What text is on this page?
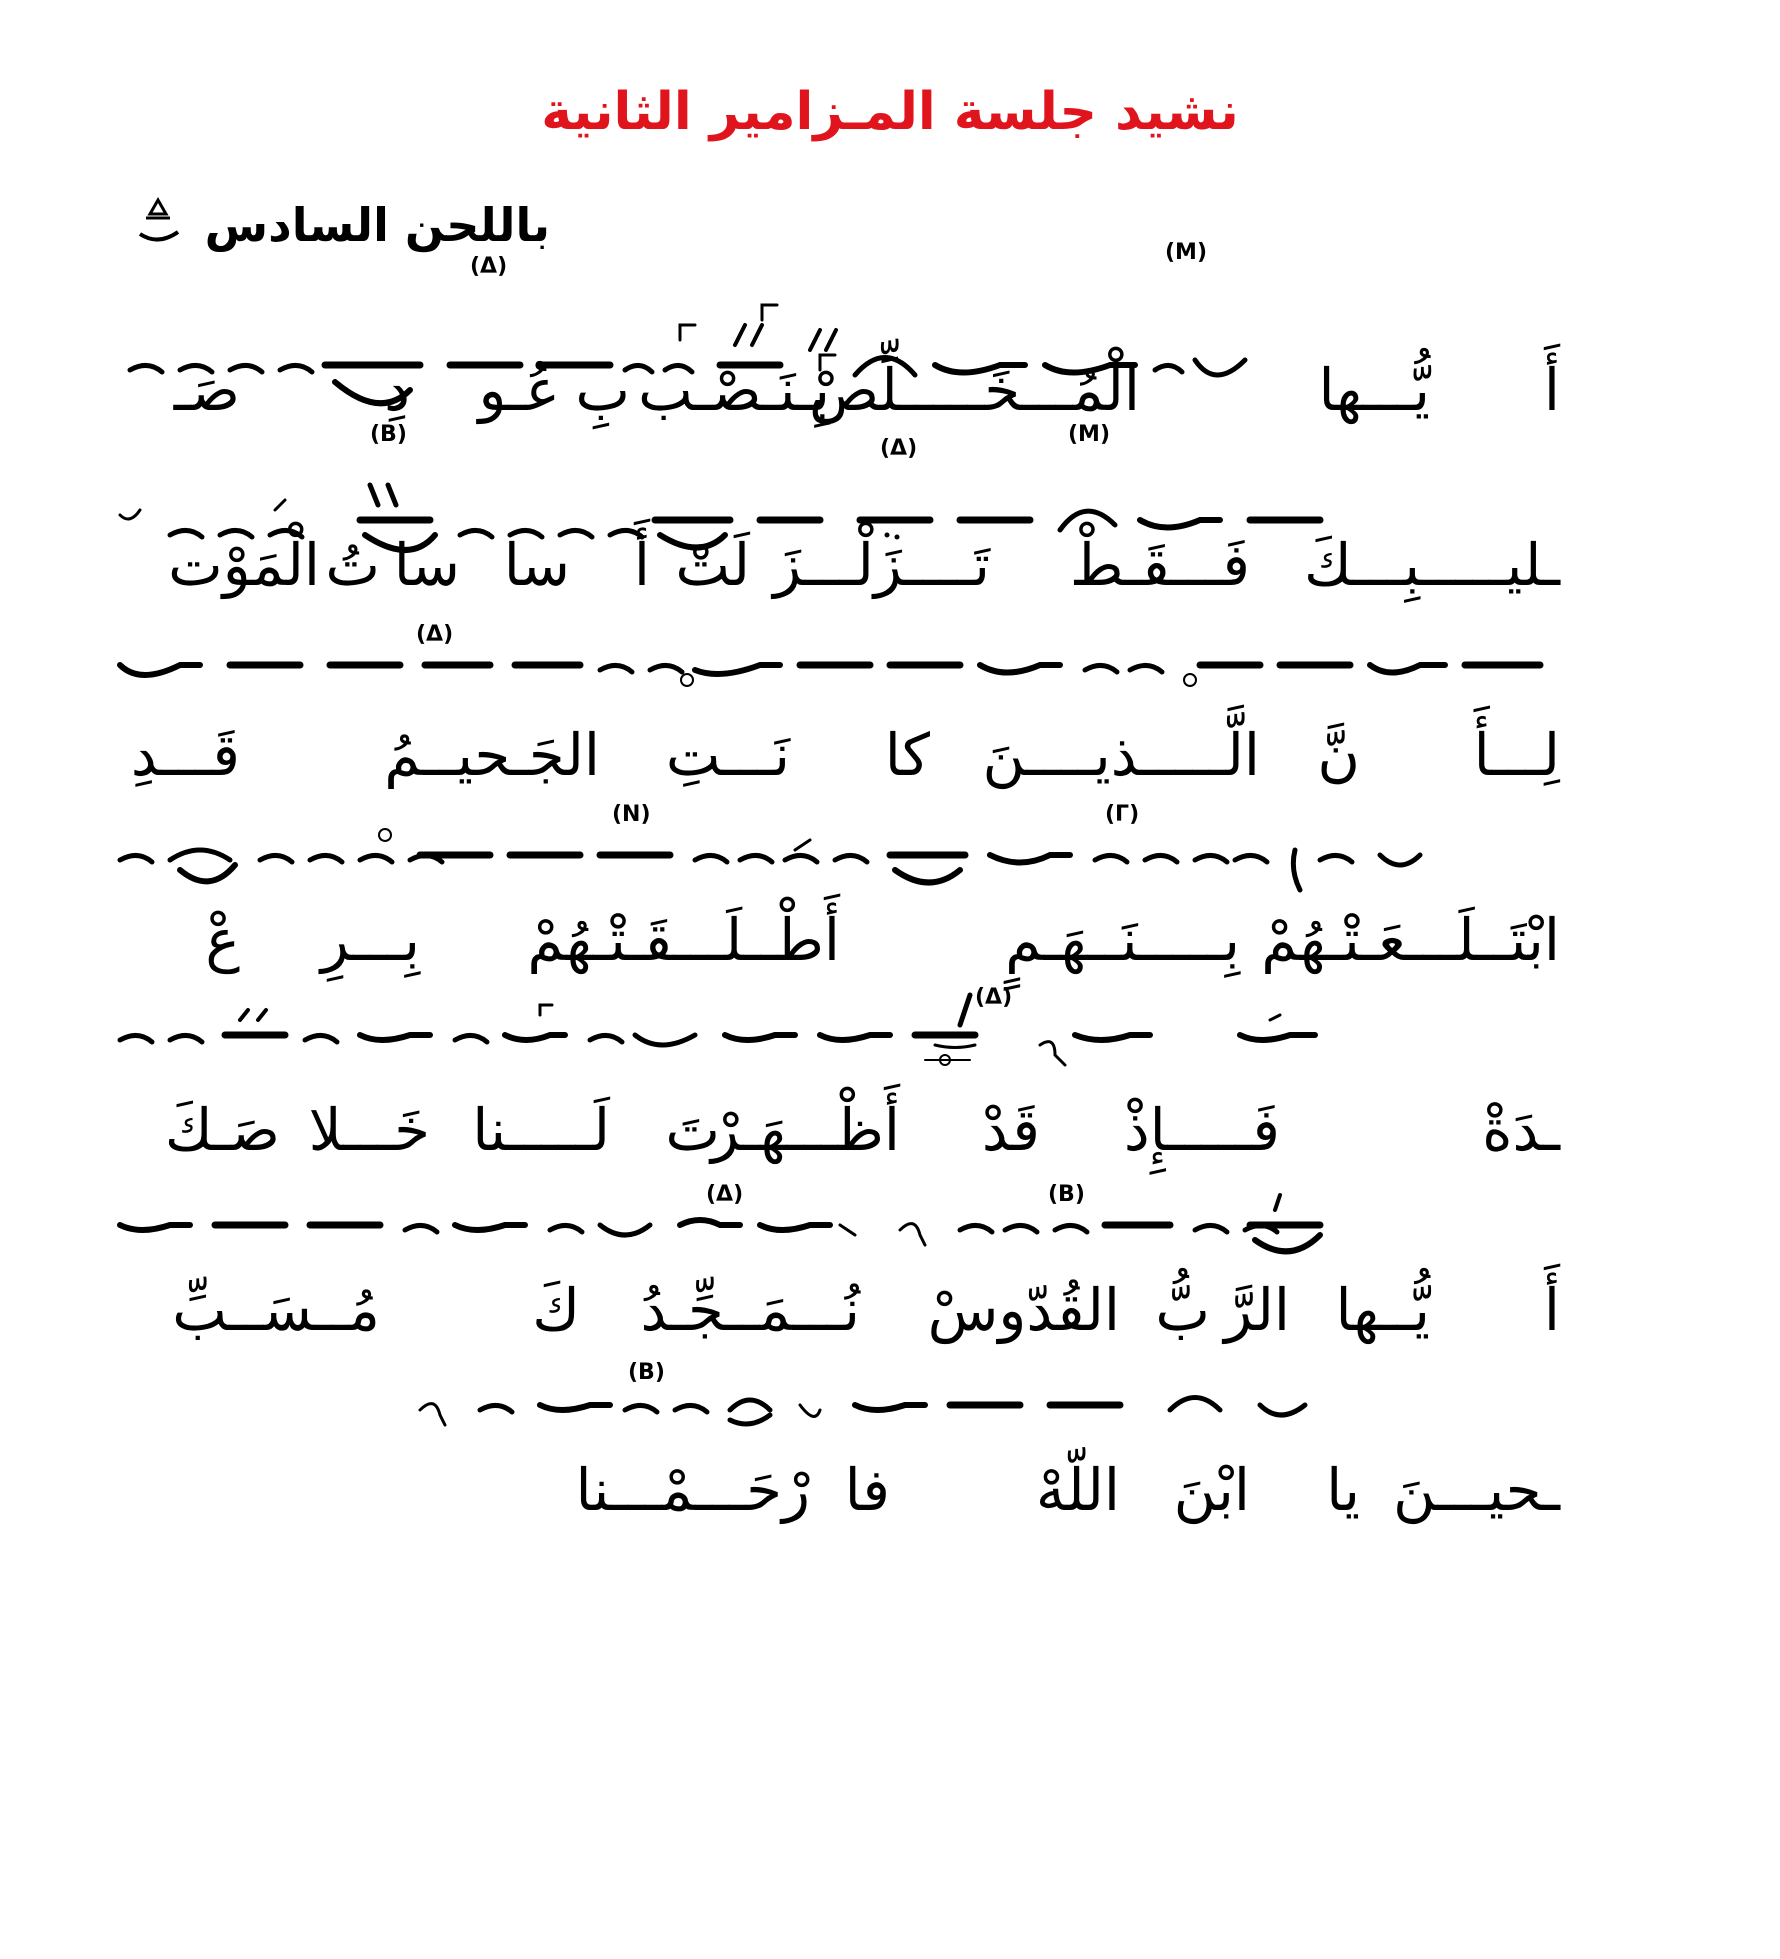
نشيد جلسة المـزامير الثانية
باللحن السادس
(M)
(Δ)
أَ
يُّـــها
الْمُـــخَـــــلِّصْ
بِـنَـصْـب
بِ
عُـو
دِ
صَـ
(M)
(Δ)
(B)
ـليـــــبِـــكَ
فَـــقَـطْ
تَــــزَلْـــزَ
لَتْ
أَ
سا
سا
تُ
الْمَوْت
(Δ)
لِـــأَ
نَّ
الَّـــــذيــــنَ
كا
نَـــتِ
الجَـحيــمُ
قَـــدِ
(Γ)
(N)
ابْتَــلَـــعَـتْـهُمْ
بِـــــنَــهَـمٍ
أَطْــلَـــقَـتْـهُمْ
بِـــرِ
عْ
(Δ)
ـدَةْ
فَـــــإِذْ
قَدْ
أَظْـــهَـرْ
تَ
لَـــــنا
خَـــلا
صَـكَ
(B)
(Δ)
أَ
يُّــها
الرَّ
بُّ
القُدّوسْ
نُـــمَــجِّـدُ
كَ
مُــسَــبِّ
(B)
ـحيـــنَ
يا
ابْنَ
اللّهْ
فا
رْحَـــمْـــنا
